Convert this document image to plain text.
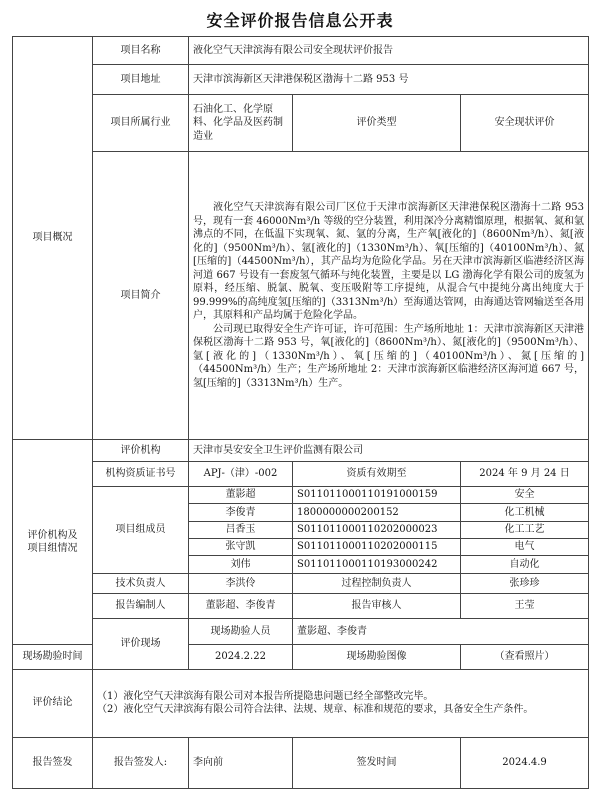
安全评价报告信息公开表
项目概况	项目名称	液化空气天津滨海有限公司安全现状评价报告		
	项目地址	天津市滨海新区天津港保税区渤海十二路 953 号		
	项目所属行业	石油化工、化学原料、化学品及医药制造业	评价类型	安全现状评价
	项目简介	液化空气天津滨海有限公司厂区位于天津市滨海新区天津港保税区渤海十二路 953 号，现有一套 46000Nm³/h 等级的空分装置，利用深冷分离精馏原理，根据氧、氮和氩沸点的不同，在低温下实现氧、氮、氩的分离，生产氧[液化的]（8600Nm³/h）、氮[液化的]（9500Nm³/h）、氩[液化的]（1330Nm³/h）、氧[压缩的]（40100Nm³/h）、氮[压缩的]（44500Nm³/h），其产品均为危险化学品。另在天津市滨海新区临港经济区海河道 667 号设有一套废氢气循环与纯化装置，主要是以 LG 渤海化学有限公司的废氢为原料，经压缩、脱氯、脱氧、变压吸附等工序提纯，从混合气中提纯分离出纯度大于 99.999%的高纯度氢[压缩的]（3313Nm³/h）至海通达管网，由海通达管网输送至各用户，其原料和产品均属于危险化学品。

公司现已取得安全生产许可证，许可范围：生产场所地址 1：天津市滨海新区天津港保税区渤海十二路 953 号，氧[液化的]（8600Nm³/h）、氮[液化的]（9500Nm³/h）、氩[液化的]（1330Nm³/h）、氧[压缩的]（40100Nm³/h）、氮[压缩的]（44500Nm³/h）生产；生产场所地址 2：天津市滨海新区临港经济区海河道 667 号，氢[压缩的]（3313Nm³/h）生产。		

评价机构及
项目组情况	评价机构	天津市昊安安全卫生评价监测有限公司		
	机构资质证书号	APJ-（津）-002	资质有效期至	2024 年 9 月 24 日
	项目组成员	董影超	S011011000110191000159	安全
		李俊青	1800000000200152	化工机械
		吕香玉	S011011000110202000023	化工工艺
		张守凯	S011011000110202000115	电气
		刘伟	S011011000110193000242	自动化
	技术负责人	李洪伶	过程控制负责人	张珍珍
	报告编制人	董影超、李俊青	报告审核人	王莹
	评价现场	现场勘验人员	董影超、李俊青	
现场勘验时间		2024.2.22	现场勘验图像	（查看照片）
评价结论	（1）液化空气天津滨海有限公司对本报告所提隐患问题已经全部整改完毕。
（2）液化空气天津滨海有限公司符合法律、法规、规章、标准和规范的要求，具备安全生产条件。			

报告签发	报告签发人:	李向前	签发时间	2024.4.9
